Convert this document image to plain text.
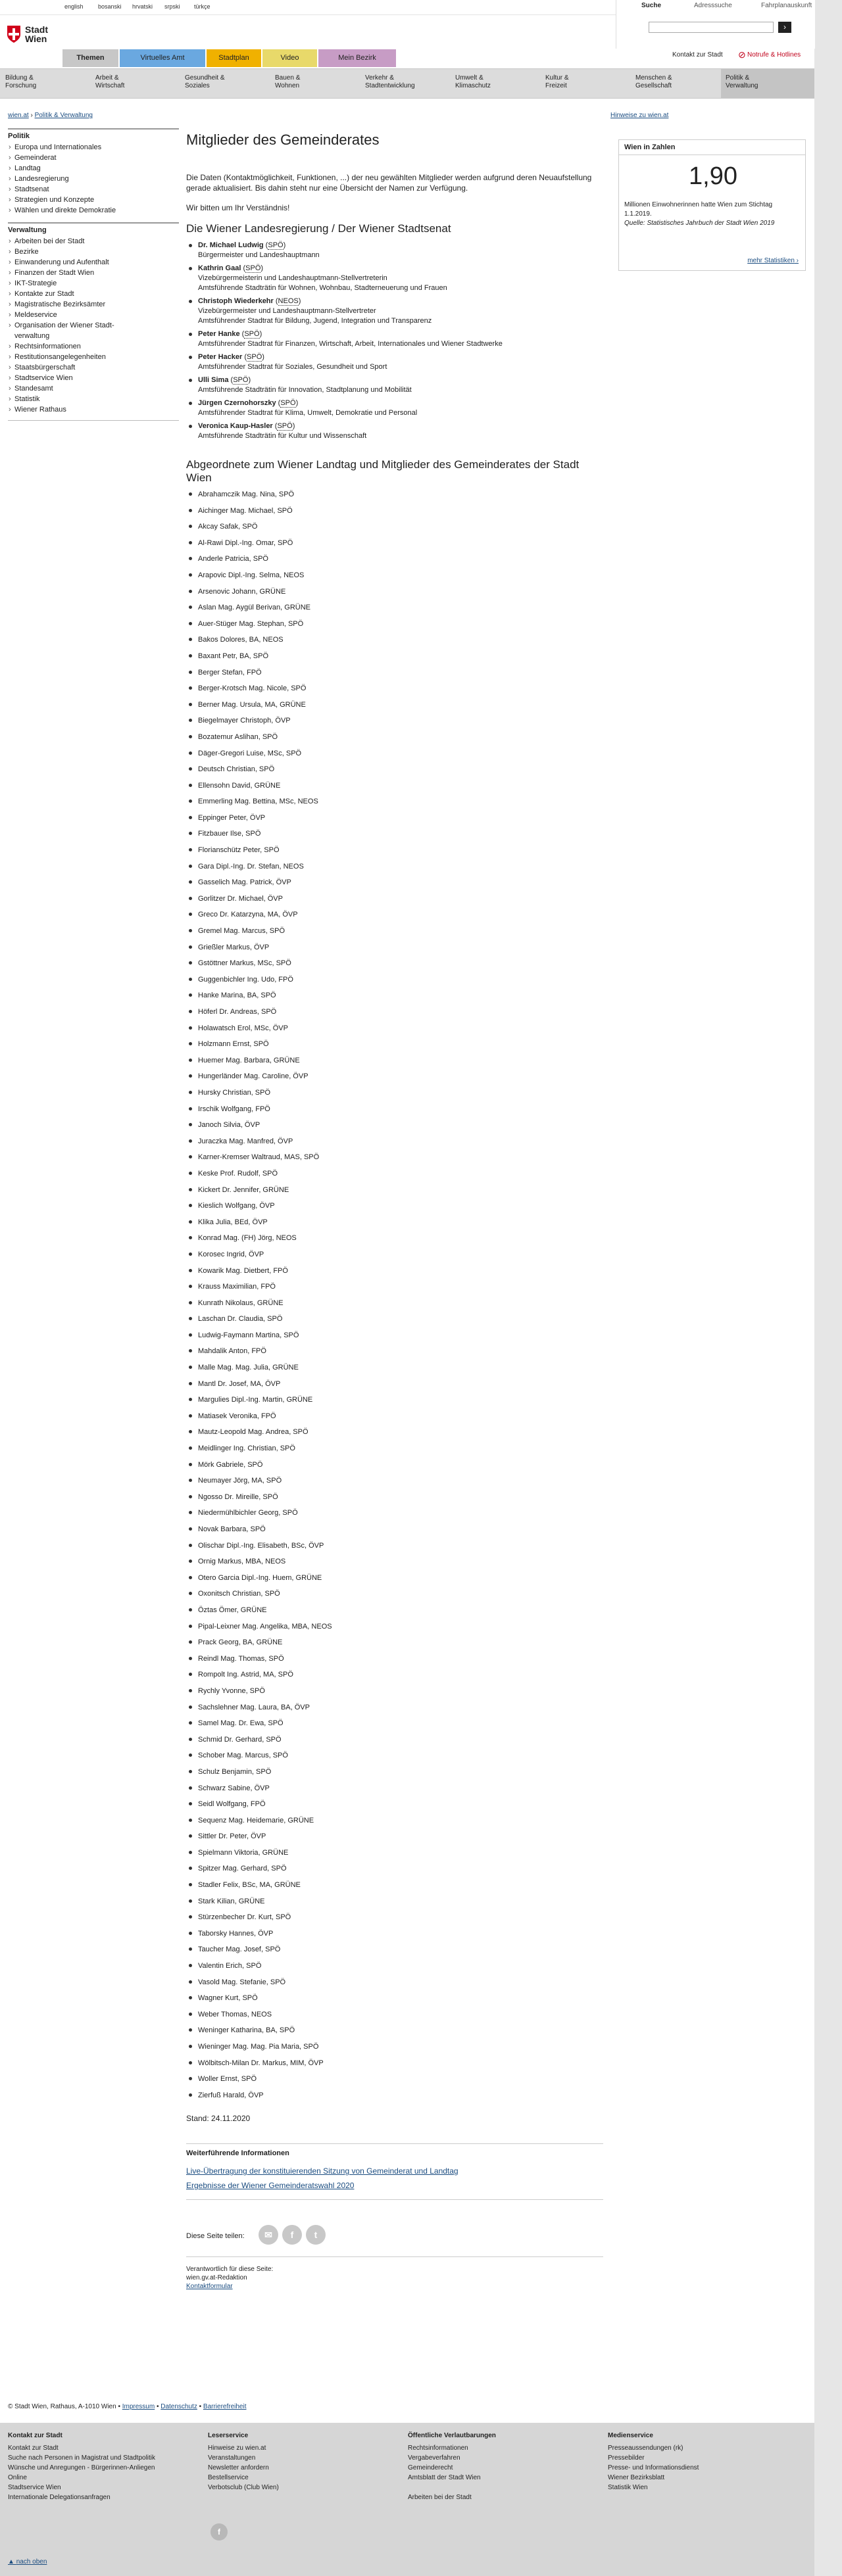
english bosanski hrvatski srpski türkçe
Stadt
Wien
Themen	Virtuelles Amt	Stadtplan	Video	Mein Bezirk
Suche	Adresssuche	Fahrplanauskunft
›
Kontakt zur Stadt ⊘ Notrufe & Hotlines
Bildung &
Forschung
Arbeit &
Wirtschaft
Gesundheit &
Soziales
Bauen &
Wohnen
Verkehr &
Stadtentwicklung
Umwelt &
Klimaschutz
Kultur &
Freizeit
Menschen &
Gesellschaft
Politik &
Verwaltung
wien.at › Politik & Verwaltung	Hinweise zu wien.at
Politik
› Europa und Internationales
› Gemeinderat
› Landtag
› Landesregierung
› Stadtsenat
› Strategien und Konzepte
› Wählen und direkte Demokratie
Verwaltung
› Arbeiten bei der Stadt
› Bezirke
› Einwanderung und Aufenthalt
› Finanzen der Stadt Wien
› IKT-Strategie
› Kontakte zur Stadt
› Magistratische Bezirksämter
› Meldeservice
› Organisation der Wiener Stadt-
verwaltung
› Rechtsinformationen
› Restitutionsangelegenheiten
› Staatsbürgerschaft
› Stadtservice Wien
› Standesamt
› Statistik
› Wiener Rathaus
Mitglieder des Gemeinderates

Die Daten (Kontaktmöglichkeit, Funktionen, ...) der neu gewählten Mitglieder werden aufgrund deren Neuaufstellung gerade aktualisiert. Bis dahin steht nur eine Übersicht der Namen zur Verfügung.

Wir bitten um Ihr Verständnis!

Die Wiener Landesregierung / Der Wiener Stadtsenat
Dr. Michael Ludwig (SPÖ)
Bürgermeister und Landeshauptmann
Kathrin Gaal (SPÖ)
Vizebürgermeisterin und Landeshauptmann-Stellvertreterin
Amtsführende Stadträtin für Wohnen, Wohnbau, Stadterneuerung und Frauen
Christoph Wiederkehr (NEOS)
Vizebürgermeister und Landeshauptmann-Stellvertreter
Amtsführender Stadtrat für Bildung, Jugend, Integration und Transparenz
Peter Hanke (SPÖ)
Amtsführender Stadtrat für Finanzen, Wirtschaft, Arbeit, Internationales und Wiener Stadtwerke
Peter Hacker (SPÖ)
Amtsführender Stadtrat für Soziales, Gesundheit und Sport
Ulli Sima (SPÖ)
Amtsführende Stadträtin für Innovation, Stadtplanung und Mobilität
Jürgen Czernohorszky (SPÖ)
Amtsführender Stadtrat für Klima, Umwelt, Demokratie und Personal
Veronica Kaup-Hasler (SPÖ)
Amtsführende Stadträtin für Kultur und Wissenschaft
Abgeordnete zum Wiener Landtag und Mitglieder des Gemeinderates der Stadt Wien
Abrahamczik Mag. Nina, SPÖ
Aichinger Mag. Michael, SPÖ
Akcay Safak, SPÖ
Al-Rawi Dipl.-Ing. Omar, SPÖ
Anderle Patricia, SPÖ
Arapovic Dipl.-Ing. Selma, NEOS
Arsenovic Johann, GRÜNE
Aslan Mag. Aygül Berivan, GRÜNE
Auer-Stüger Mag. Stephan, SPÖ
Bakos Dolores, BA, NEOS
Baxant Petr, BA, SPÖ
Berger Stefan, FPÖ
Berger-Krotsch Mag. Nicole, SPÖ
Berner Mag. Ursula, MA, GRÜNE
Biegelmayer Christoph, ÖVP
Bozatemur Aslihan, SPÖ
Däger-Gregori Luise, MSc, SPÖ
Deutsch Christian, SPÖ
Ellensohn David, GRÜNE
Emmerling Mag. Bettina, MSc, NEOS
Eppinger Peter, ÖVP
Fitzbauer Ilse, SPÖ
Florianschütz Peter, SPÖ
Gara Dipl.-Ing. Dr. Stefan, NEOS
Gasselich Mag. Patrick, ÖVP
Gorlitzer Dr. Michael, ÖVP
Greco Dr. Katarzyna, MA, ÖVP
Gremel Mag. Marcus, SPÖ
Grießler Markus, ÖVP
Gstöttner Markus, MSc, SPÖ
Guggenbichler Ing. Udo, FPÖ
Hanke Marina, BA, SPÖ
Höferl Dr. Andreas, SPÖ
Holawatsch Erol, MSc, ÖVP
Holzmann Ernst, SPÖ
Huemer Mag. Barbara, GRÜNE
Hungerländer Mag. Caroline, ÖVP
Hursky Christian, SPÖ
Irschik Wolfgang, FPÖ
Janoch Silvia, ÖVP
Juraczka Mag. Manfred, ÖVP
Karner-Kremser Waltraud, MAS, SPÖ
Keske Prof. Rudolf, SPÖ
Kickert Dr. Jennifer, GRÜNE
Kieslich Wolfgang, ÖVP
Klika Julia, BEd, ÖVP
Konrad Mag. (FH) Jörg, NEOS
Korosec Ingrid, ÖVP
Kowarik Mag. Dietbert, FPÖ
Krauss Maximilian, FPÖ
Kunrath Nikolaus, GRÜNE
Laschan Dr. Claudia, SPÖ
Ludwig-Faymann Martina, SPÖ
Mahdalik Anton, FPÖ
Malle Mag. Mag. Julia, GRÜNE
Mantl Dr. Josef, MA, ÖVP
Margulies Dipl.-Ing. Martin, GRÜNE
Matiasek Veronika, FPÖ
Mautz-Leopold Mag. Andrea, SPÖ
Meidlinger Ing. Christian, SPÖ
Mörk Gabriele, SPÖ
Neumayer Jörg, MA, SPÖ
Ngosso Dr. Mireille, SPÖ
Niedermühlbichler Georg, SPÖ
Novak Barbara, SPÖ
Olischar Dipl.-Ing. Elisabeth, BSc, ÖVP
Ornig Markus, MBA, NEOS
Otero Garcia Dipl.-Ing. Huem, GRÜNE
Oxonitsch Christian, SPÖ
Öztas Ömer, GRÜNE
Pipal-Leixner Mag. Angelika, MBA, NEOS
Prack Georg, BA, GRÜNE
Reindl Mag. Thomas, SPÖ
Rompolt Ing. Astrid, MA, SPÖ
Rychly Yvonne, SPÖ
Sachslehner Mag. Laura, BA, ÖVP
Samel Mag. Dr. Ewa, SPÖ
Schmid Dr. Gerhard, SPÖ
Schober Mag. Marcus, SPÖ
Schulz Benjamin, SPÖ
Schwarz Sabine, ÖVP
Seidl Wolfgang, FPÖ
Sequenz Mag. Heidemarie, GRÜNE
Sittler Dr. Peter, ÖVP
Spielmann Viktoria, GRÜNE
Spitzer Mag. Gerhard, SPÖ
Stadler Felix, BSc, MA, GRÜNE
Stark Kilian, GRÜNE
Stürzenbecher Dr. Kurt, SPÖ
Taborsky Hannes, ÖVP
Taucher Mag. Josef, SPÖ
Valentin Erich, SPÖ
Vasold Mag. Stefanie, SPÖ
Wagner Kurt, SPÖ
Weber Thomas, NEOS
Weninger Katharina, BA, SPÖ
Wieninger Mag. Mag. Pia Maria, SPÖ
Wölbitsch-Milan Dr. Markus, MIM, ÖVP
Woller Ernst, SPÖ
Zierfuß Harald, ÖVP

Stand: 24.11.2020

Weiterführende Informationen
Live-Übertragung der konstituierenden Sitzung von Gemeinderat und Landtag
Ergebnisse der Wiener Gemeinderatswahl 2020
Diese Seite teilen:	✉	f	t
Verantwortlich für diese Seite:
wien.gv.at-Redaktion
Kontaktformular
Wien in Zahlen
1,90
Millionen Einwohnerinnen hatte Wien zum Stichtag 1.1.2019.
Quelle: Statistisches Jahrbuch der Stadt Wien 2019
mehr Statistiken ›
© Stadt Wien, Rathaus, A-1010 Wien • Impressum • Datenschutz • Barrierefreiheit
Kontakt zur Stadt
Kontakt zur Stadt
Suche nach Personen in Magistrat und Stadtpolitik
Wünsche und Anregungen - Bürgerinnen-Anliegen Online
Stadtservice Wien
Internationale Delegationsanfragen
Leserservice
Hinweise zu wien.at
Veranstaltungen
Newsletter anfordern
Bestellservice
Verbotsclub (Club Wien)
Öffentliche Verlautbarungen
Rechtsinformationen
Vergabeverfahren
Gemeinderecht
Amtsblatt der Stadt Wien
Arbeiten bei der Stadt
Medienservice
Presseaussendungen (rk)
Pressebilder
Presse- und Informationsdienst
Wiener Bezirksblatt
Statistik Wien
f
▲ nach oben
